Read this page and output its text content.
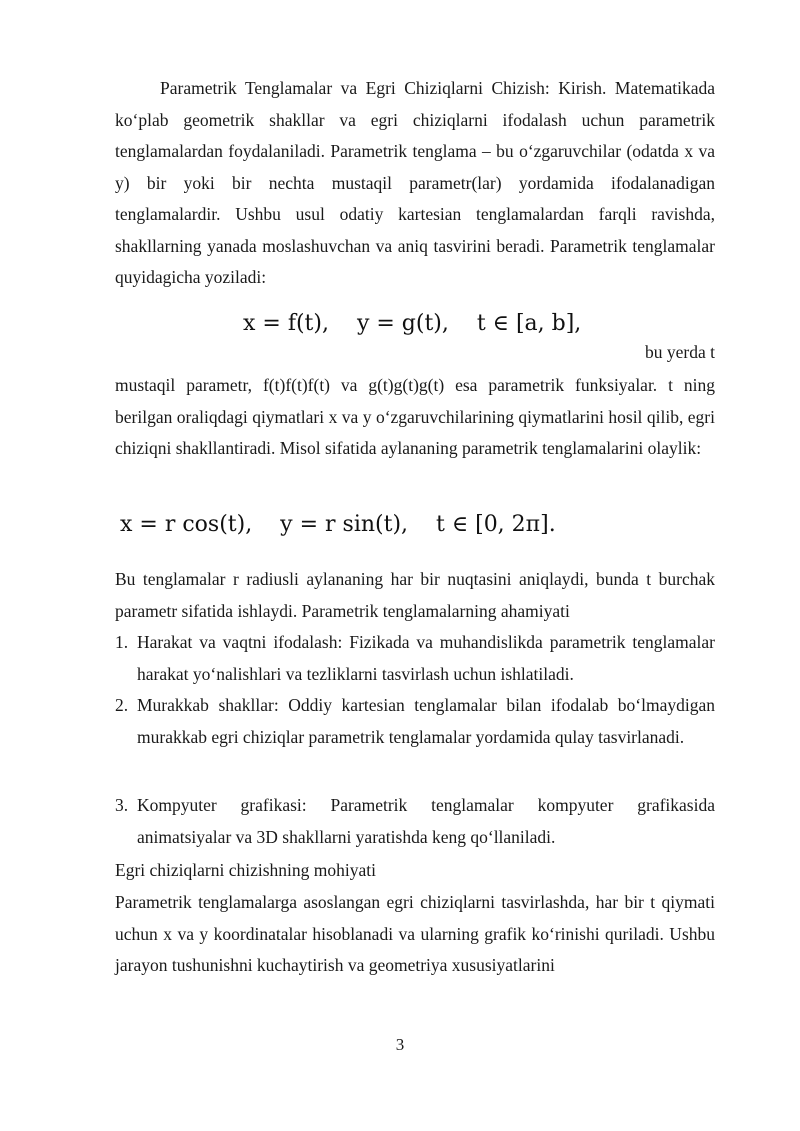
Parametrik Tenglamalar va Egri Chiziqlarni Chizish: Kirish. Matematikada ko‘plab geometrik shakllar va egri chiziqlarni ifodalash uchun parametrik tenglamalardan foydalaniladi. Parametrik tenglama – bu o‘zgaruvchilar (odatda x va y) bir yoki bir nechta mustaqil parametr(lar) yordamida ifodalanadigan tenglamalardir. Ushbu usul odatiy kartesian tenglamalardan farqli ravishda, shakllarning yanada moslashuvchan va aniq tasvirini beradi. Parametrik tenglamalar quyidagicha yoziladi:
x = f(t),    y = g(t),    t ∈ [a, b],
bu yerda t
mustaqil parametr, f(t)f(t)f(t) va g(t)g(t)g(t) esa parametrik funksiyalar. t ning berilgan oraliqdagi qiymatlari x va y o‘zgaruvchilarining qiymatlarini hosil qilib, egri chiziqni shakllantiradi. Misol sifatida aylananing parametrik tenglamalarini olaylik:
x = r cos(t),    y = r sin(t),    t ∈ [0, 2π].
Bu tenglamalar r radiusli aylananing har bir nuqtasini aniqlaydi, bunda t burchak parametr sifatida ishlaydi. Parametrik tenglamalarning ahamiyati
1. Harakat va vaqtni ifodalash: Fizikada va muhandislikda parametrik tenglamalar harakat yo‘nalishlari va tezliklarni tasvirlash uchun ishlatiladi.
2. Murakkab shakllar: Oddiy kartesian tenglamalar bilan ifodalab bo‘lmaydigan murakkab egri chiziqlar parametrik tenglamalar yordamida qulay tasvirlanadi.
3. Kompyuter grafikasi: Parametrik tenglamalar kompyuter grafikasida animatsiyalar va 3D shakllarni yaratishda keng qo‘llaniladi.
Egri chiziqlarni chizishning mohiyati
Parametrik tenglamalarga asoslangan egri chiziqlarni tasvirlashda, har bir t qiymati uchun x va y koordinatalar hisoblanadi va ularning grafik ko‘rinishi quriladi. Ushbu jarayon tushunishni kuchaytirish va geometriya xususiyatlarini
3
